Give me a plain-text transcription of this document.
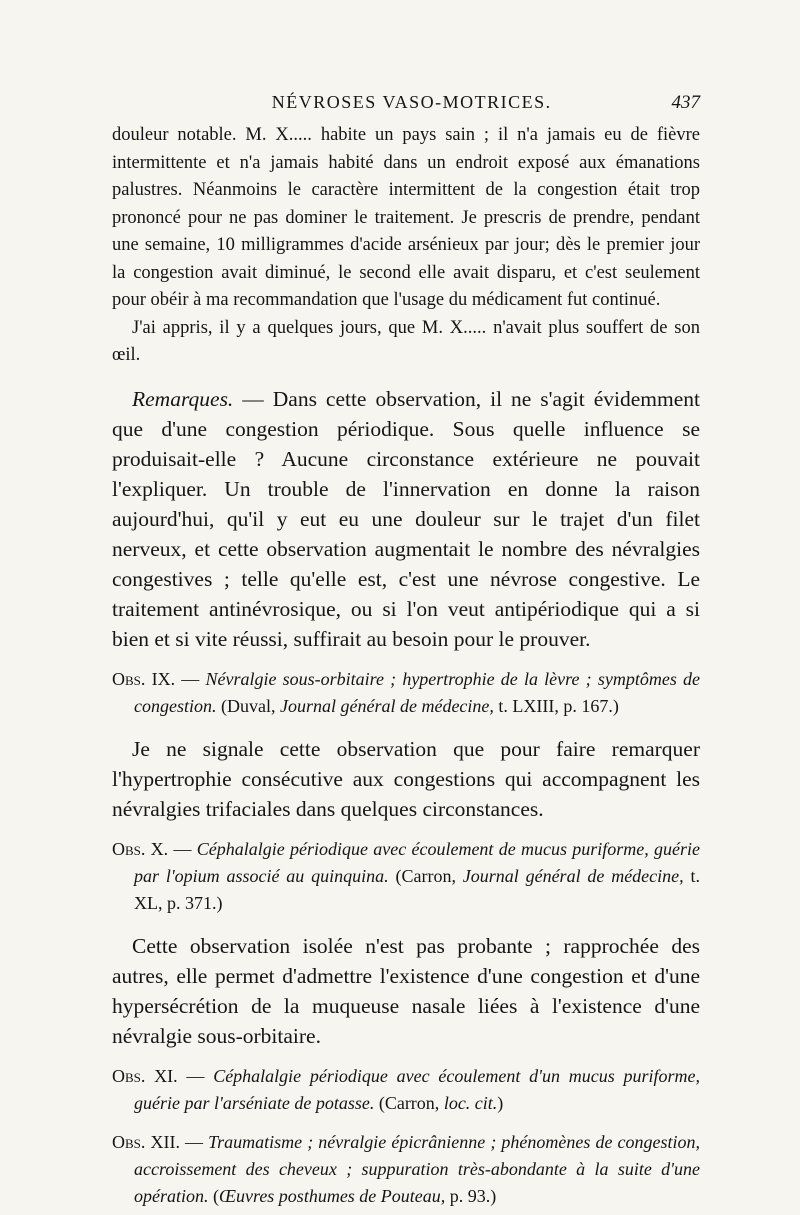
NÉVROSES VASO-MOTRICES.	437

douleur notable. M. X..... habite un pays sain ; il n'a jamais eu de fièvre intermittente et n'a jamais habité dans un endroit exposé aux émanations palustres. Néanmoins le caractère intermittent de la congestion était trop prononcé pour ne pas dominer le traitement. Je prescris de prendre, pendant une semaine, 10 milligrammes d'acide arsénieux par jour; dès le premier jour la congestion avait diminué, le second elle avait disparu, et c'est seulement pour obéir à ma recommandation que l'usage du médicament fut continué.

J'ai appris, il y a quelques jours, que M. X..... n'avait plus souffert de son œil.

Remarques. — Dans cette observation, il ne s'agit évidemment que d'une congestion périodique. Sous quelle influence se produisait-elle ? Aucune circonstance extérieure ne pouvait l'expliquer. Un trouble de l'innervation en donne la raison aujourd'hui, qu'il y eut eu une douleur sur le trajet d'un filet nerveux, et cette observation augmentait le nombre des névralgies congestives ; telle qu'elle est, c'est une névrose congestive. Le traitement antinévrosique, ou si l'on veut antipériodique qui a si bien et si vite réussi, suffirait au besoin pour le prouver.

Obs. IX. — Névralgie sous-orbitaire ; hypertrophie de la lèvre ; symptômes de congestion. (Duval, Journal général de médecine, t. LXIII, p. 167.)

Je ne signale cette observation que pour faire remarquer l'hypertrophie consécutive aux congestions qui accompagnent les névralgies trifaciales dans quelques circonstances.

Obs. X. — Céphalalgie périodique avec écoulement de mucus puriforme, guérie par l'opium associé au quinquina. (Carron, Journal général de médecine, t. XL, p. 371.)

Cette observation isolée n'est pas probante ; rapprochée des autres, elle permet d'admettre l'existence d'une congestion et d'une hypersécrétion de la muqueuse nasale liées à l'existence d'une névralgie sous-orbitaire.

Obs. XI. — Céphalalgie périodique avec écoulement d'un mucus puriforme, guérie par l'arséniate de potasse. (Carron, loc. cit.)

Obs. XII. — Traumatisme ; névralgie épicrânienne ; phénomènes de congestion, accroissement des cheveux ; suppuration très-abondante à la suite d'une opération. (Œuvres posthumes de Pouteau, p. 93.)
